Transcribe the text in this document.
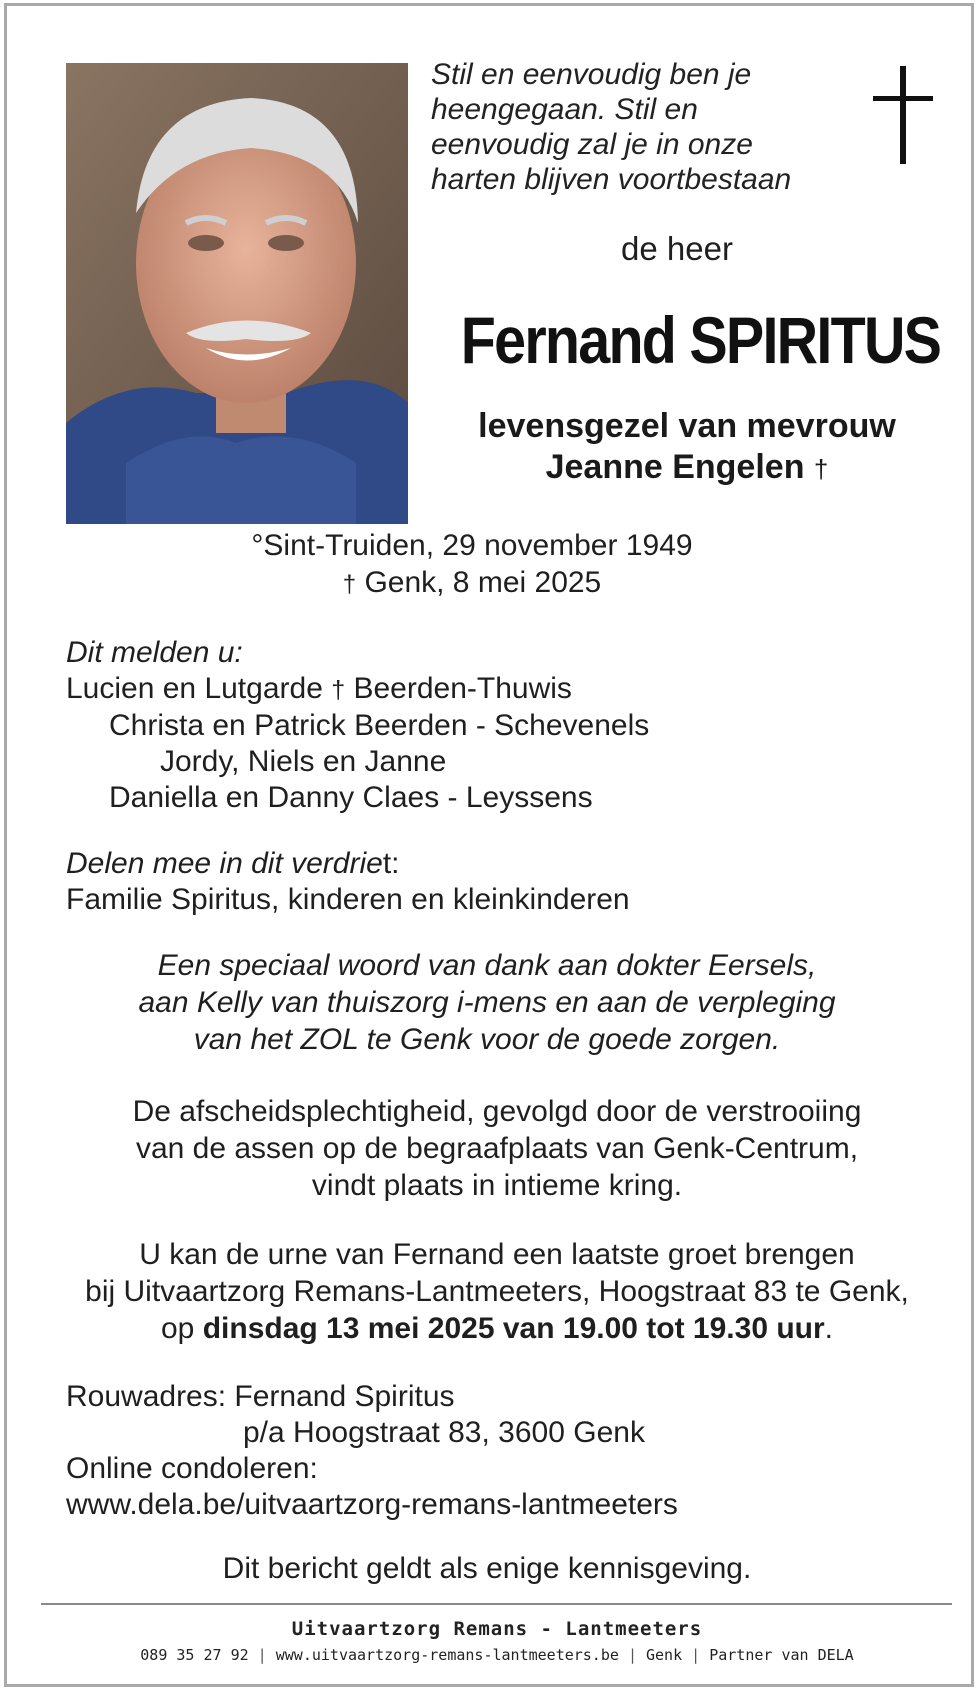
Stil en eenvoudig ben je
heengegaan. Stil en
eenvoudig zal je in onze
harten blijven voortbestaan
de heer
Fernand SPIRITUS
levensgezel van mevrouw
Jeanne Engelen †
°Sint-Truiden, 29 november 1949
† Genk, 8 mei 2025
Dit melden u:
Lucien en Lutgarde † Beerden-Thuwis
Christa en Patrick Beerden - Schevenels
Jordy, Niels en Janne
Daniella en Danny Claes - Leyssens
Delen mee in dit verdriet:
Familie Spiritus, kinderen en kleinkinderen
Een speciaal woord van dank aan dokter Eersels,
aan Kelly van thuiszorg i-mens en aan de verpleging
van het ZOL te Genk voor de goede zorgen.
De afscheidsplechtigheid, gevolgd door de verstrooiing
van de assen op de begraafplaats van Genk-Centrum,
vindt plaats in intieme kring.
U kan de urne van Fernand een laatste groet brengen
bij Uitvaartzorg Remans-Lantmeeters, Hoogstraat 83 te Genk,
op dinsdag 13 mei 2025 van 19.00 tot 19.30 uur.
Rouwadres: Fernand Spiritus
p/a Hoogstraat 83, 3600 Genk
Online condoleren:
www.dela.be/uitvaartzorg-remans-lantmeeters
Dit bericht geldt als enige kennisgeving.
Uitvaartzorg Remans - Lantmeeters
089 35 27 92 | www.uitvaartzorg-remans-lantmeeters.be | Genk | Partner van DELA
